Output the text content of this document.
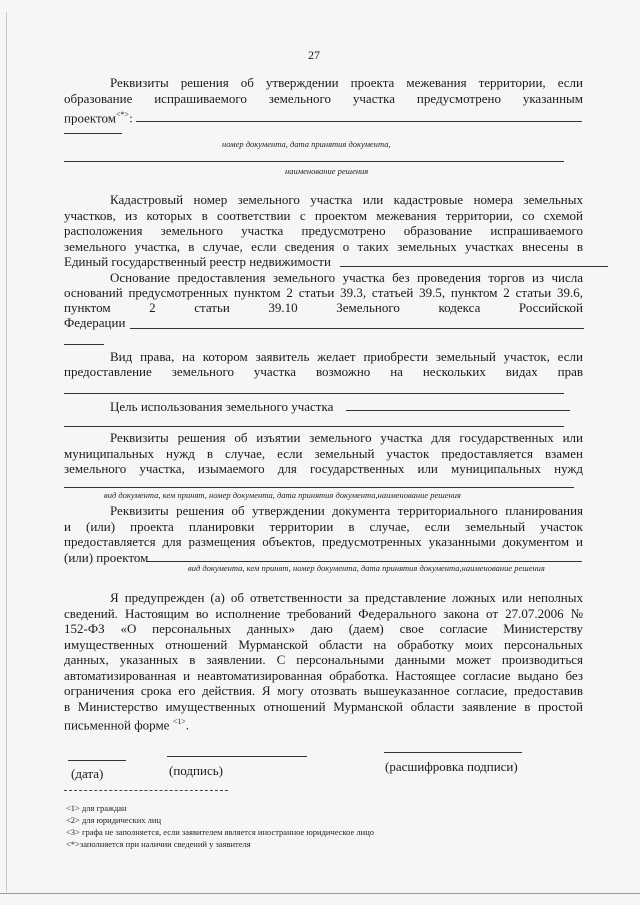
27
Реквизиты решения об утверждении проекта межевания территории, если
образование испрашиваемого земельного участка предусмотрено указанным
проектом<*>:
номер документа, дата принятия документа,
наименование решения
Кадастровый номер земельного участка или кадастровые номера земельных
участков, из которых в соответствии с проектом межевания территории, со схемой
расположения земельного участка предусмотрено образование испрашиваемого
земельного участка, в случае, если сведения о таких земельных участках внесены в
Единый государственный реестр недвижимости
Основание предоставления земельного участка без проведения торгов из числа
оснований предусмотренных пунктом 2 статьи 39.3, статьей 39.5, пунктом 2 статьи 39.6,
пунктом 2 статьи 39.10 Земельного кодекса Российской
Федерации
Вид права, на котором заявитель желает приобрести земельный участок, если
предоставление земельного участка возможно на нескольких видах прав
Цель использования земельного участка
Реквизиты решения об изъятии земельного участка для государственных или
муниципальных нужд в случае, если земельный участок предоставляется взамен
земельного участка, изымаемого для государственных или муниципальных нужд
вид документа, кем принят, номер документа, дата принятия документа,наименование решения
Реквизиты решения об утверждении документа территориального планирования
и (или) проекта планировки территории в случае, если земельный участок
предоставляется для размещения объектов, предусмотренных указанными документом и
(или) проектом
вид документа, кем принят, номер документа, дата принятия документа,наименование решения
Я предупрежден (а) об ответственности за представление ложных или неполных
сведений. Настоящим во исполнение требований Федерального закона от 27.07.2006 №
152-ФЗ «О персональных данных» даю (даем) свое согласие Министерству
имущественных отношений Мурманской области на обработку моих персональных
данных, указанных в заявлении. С персональными данными может производиться
автоматизированная и неавтоматизированная обработка. Настоящее согласие выдано без
ограничения срока его действия. Я могу отозвать вышеуказанное согласие, предоставив
в Министерство имущественных отношений Мурманской области заявление в простой
письменной форме $^{<1>}$.
(дата)	(подпись)	(расшифровка подписи)
<1> для граждан
<2> для юридических лиц
<3> графа не заполняется, если заявителем является иностранное юридическое лицо
<*>заполняется при наличии сведений у заявителя
